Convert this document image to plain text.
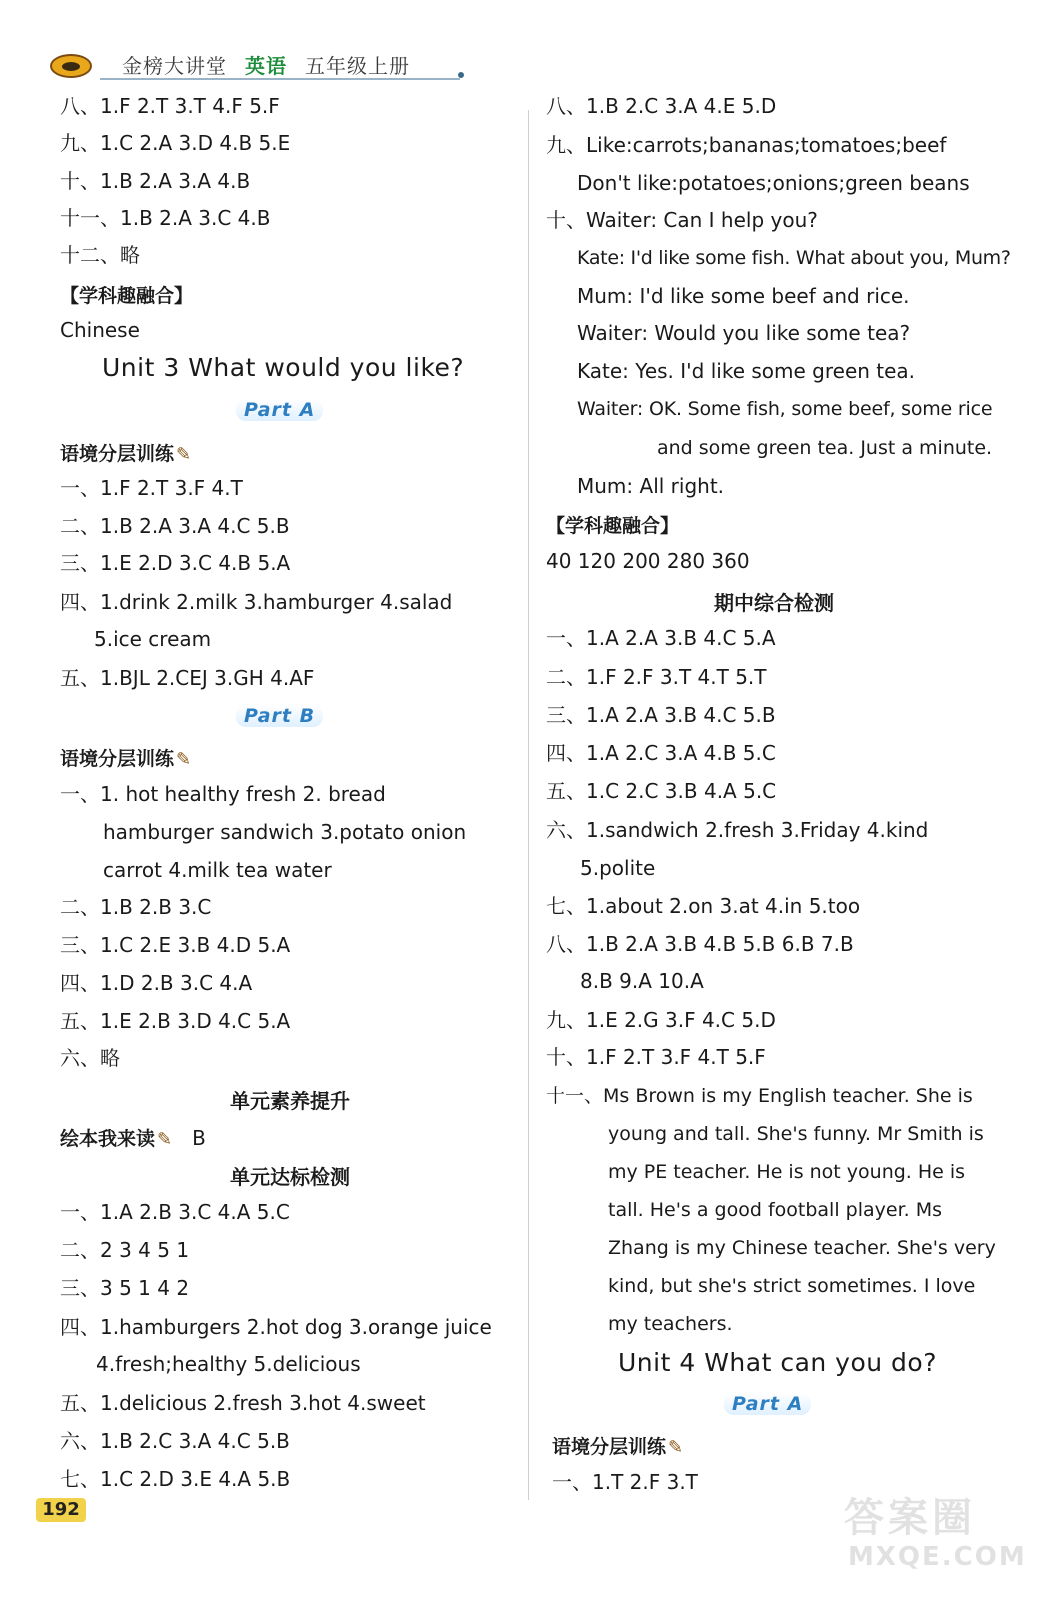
金榜大讲堂 英语 五年级上册
八、1.F 2.T 3.T 4.F 5.F
九、1.C 2.A 3.D 4.B 5.E
十、1.B 2.A 3.A 4.B
十一、1.B 2.A 3.C 4.B
十二、略
【学科趣融合】
Chinese
Unit 3 What would you like?
Part A
语境分层训练 ✎
一、1.F 2.T 3.F 4.T
二、1.B 2.A 3.A 4.C 5.B
三、1.E 2.D 3.C 4.B 5.A
四、1.drink 2.milk 3.hamburger 4.salad
5.ice cream
五、1.BJL 2.CEJ 3.GH 4.AF
Part B
语境分层训练 ✎
一、1. hot healthy fresh 2. bread
hamburger sandwich 3.potato onion
carrot 4.milk tea water
二、1.B 2.B 3.C
三、1.C 2.E 3.B 4.D 5.A
四、1.D 2.B 3.C 4.A
五、1.E 2.B 3.D 4.C 5.A
六、略
单元素养提升
绘本我来读 ✎ B
单元达标检测
一、1.A 2.B 3.C 4.A 5.C
二、2 3 4 5 1
三、3 5 1 4 2
四、1.hamburgers 2.hot dog 3.orange juice
4.fresh;healthy 5.delicious
五、1.delicious 2.fresh 3.hot 4.sweet
六、1.B 2.C 3.A 4.C 5.B
七、1.C 2.D 3.E 4.A 5.B
八、1.B 2.C 3.A 4.E 5.D
九、Like:carrots;bananas;tomatoes;beef
Don't like:potatoes;onions;green beans
十、Waiter: Can I help you?
Kate: I'd like some fish. What about you, Mum?
Mum: I'd like some beef and rice.
Waiter: Would you like some tea?
Kate: Yes. I'd like some green tea.
Waiter: OK. Some fish, some beef, some rice
and some green tea. Just a minute.
Mum: All right.
【学科趣融合】
40 120 200 280 360
期中综合检测
一、1.A 2.A 3.B 4.C 5.A
二、1.F 2.F 3.T 4.T 5.T
三、1.A 2.A 3.B 4.C 5.B
四、1.A 2.C 3.A 4.B 5.C
五、1.C 2.C 3.B 4.A 5.C
六、1.sandwich 2.fresh 3.Friday 4.kind
5.polite
七、1.about 2.on 3.at 4.in 5.too
八、1.B 2.A 3.B 4.B 5.B 6.B 7.B
8.B 9.A 10.A
九、1.E 2.G 3.F 4.C 5.D
十、1.F 2.T 3.F 4.T 5.F
十一、Ms Brown is my English teacher. She is
young and tall. She's funny. Mr Smith is
my PE teacher. He is not young. He is
tall. He's a good football player. Ms
Zhang is my Chinese teacher. She's very
kind, but she's strict sometimes. I love
my teachers.
Unit 4 What can you do?
Part A
语境分层训练 ✎
一、1.T 2.F 3.T
192	答案圈
MXQE.COM
